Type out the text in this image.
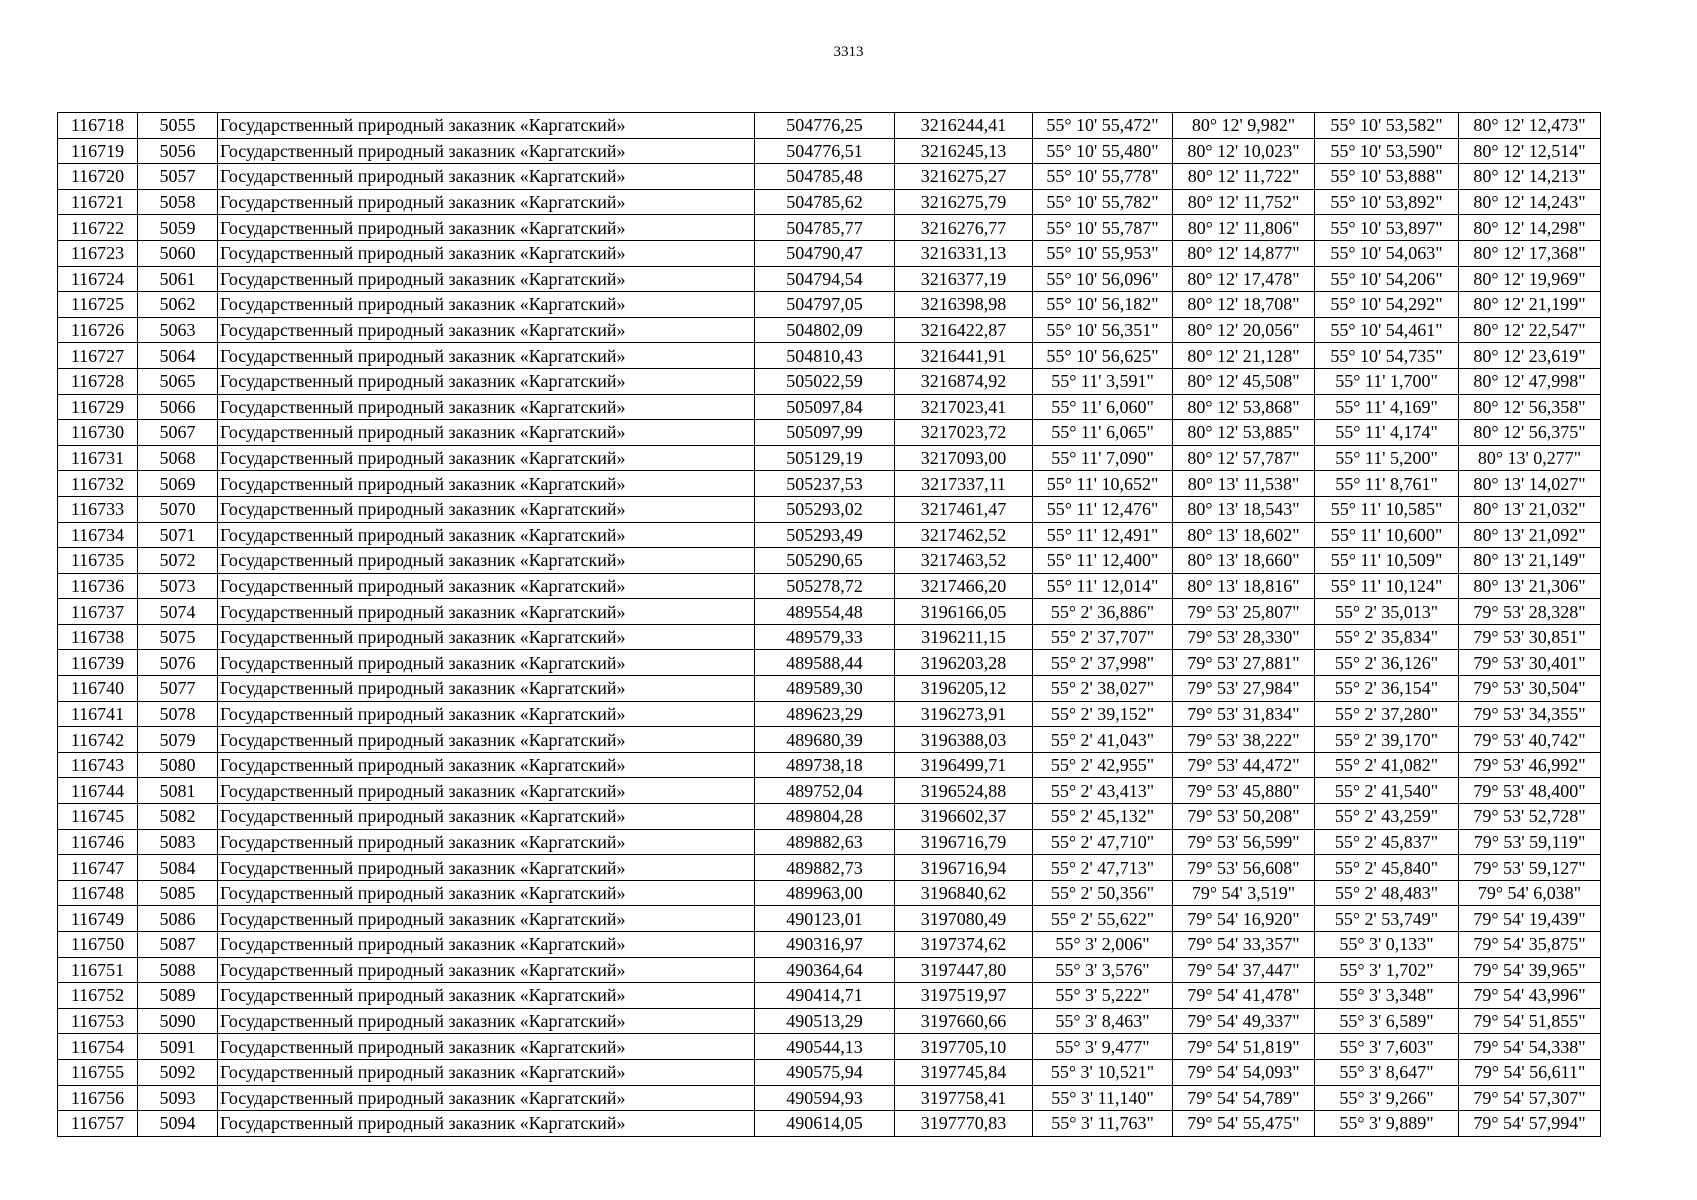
3313
116718	5055	Государственный природный заказник «Каргатский»	504776,25	3216244,41	55° 10' 55,472"	80° 12' 9,982"	55° 10' 53,582"	80° 12' 12,473"
116719	5056	Государственный природный заказник «Каргатский»	504776,51	3216245,13	55° 10' 55,480"	80° 12' 10,023"	55° 10' 53,590"	80° 12' 12,514"
116720	5057	Государственный природный заказник «Каргатский»	504785,48	3216275,27	55° 10' 55,778"	80° 12' 11,722"	55° 10' 53,888"	80° 12' 14,213"
116721	5058	Государственный природный заказник «Каргатский»	504785,62	3216275,79	55° 10' 55,782"	80° 12' 11,752"	55° 10' 53,892"	80° 12' 14,243"
116722	5059	Государственный природный заказник «Каргатский»	504785,77	3216276,77	55° 10' 55,787"	80° 12' 11,806"	55° 10' 53,897"	80° 12' 14,298"
116723	5060	Государственный природный заказник «Каргатский»	504790,47	3216331,13	55° 10' 55,953"	80° 12' 14,877"	55° 10' 54,063"	80° 12' 17,368"
116724	5061	Государственный природный заказник «Каргатский»	504794,54	3216377,19	55° 10' 56,096"	80° 12' 17,478"	55° 10' 54,206"	80° 12' 19,969"
116725	5062	Государственный природный заказник «Каргатский»	504797,05	3216398,98	55° 10' 56,182"	80° 12' 18,708"	55° 10' 54,292"	80° 12' 21,199"
116726	5063	Государственный природный заказник «Каргатский»	504802,09	3216422,87	55° 10' 56,351"	80° 12' 20,056"	55° 10' 54,461"	80° 12' 22,547"
116727	5064	Государственный природный заказник «Каргатский»	504810,43	3216441,91	55° 10' 56,625"	80° 12' 21,128"	55° 10' 54,735"	80° 12' 23,619"
116728	5065	Государственный природный заказник «Каргатский»	505022,59	3216874,92	55° 11' 3,591"	80° 12' 45,508"	55° 11' 1,700"	80° 12' 47,998"
116729	5066	Государственный природный заказник «Каргатский»	505097,84	3217023,41	55° 11' 6,060"	80° 12' 53,868"	55° 11' 4,169"	80° 12' 56,358"
116730	5067	Государственный природный заказник «Каргатский»	505097,99	3217023,72	55° 11' 6,065"	80° 12' 53,885"	55° 11' 4,174"	80° 12' 56,375"
116731	5068	Государственный природный заказник «Каргатский»	505129,19	3217093,00	55° 11' 7,090"	80° 12' 57,787"	55° 11' 5,200"	80° 13' 0,277"
116732	5069	Государственный природный заказник «Каргатский»	505237,53	3217337,11	55° 11' 10,652"	80° 13' 11,538"	55° 11' 8,761"	80° 13' 14,027"
116733	5070	Государственный природный заказник «Каргатский»	505293,02	3217461,47	55° 11' 12,476"	80° 13' 18,543"	55° 11' 10,585"	80° 13' 21,032"
116734	5071	Государственный природный заказник «Каргатский»	505293,49	3217462,52	55° 11' 12,491"	80° 13' 18,602"	55° 11' 10,600"	80° 13' 21,092"
116735	5072	Государственный природный заказник «Каргатский»	505290,65	3217463,52	55° 11' 12,400"	80° 13' 18,660"	55° 11' 10,509"	80° 13' 21,149"
116736	5073	Государственный природный заказник «Каргатский»	505278,72	3217466,20	55° 11' 12,014"	80° 13' 18,816"	55° 11' 10,124"	80° 13' 21,306"
116737	5074	Государственный природный заказник «Каргатский»	489554,48	3196166,05	55° 2' 36,886"	79° 53' 25,807"	55° 2' 35,013"	79° 53' 28,328"
116738	5075	Государственный природный заказник «Каргатский»	489579,33	3196211,15	55° 2' 37,707"	79° 53' 28,330"	55° 2' 35,834"	79° 53' 30,851"
116739	5076	Государственный природный заказник «Каргатский»	489588,44	3196203,28	55° 2' 37,998"	79° 53' 27,881"	55° 2' 36,126"	79° 53' 30,401"
116740	5077	Государственный природный заказник «Каргатский»	489589,30	3196205,12	55° 2' 38,027"	79° 53' 27,984"	55° 2' 36,154"	79° 53' 30,504"
116741	5078	Государственный природный заказник «Каргатский»	489623,29	3196273,91	55° 2' 39,152"	79° 53' 31,834"	55° 2' 37,280"	79° 53' 34,355"
116742	5079	Государственный природный заказник «Каргатский»	489680,39	3196388,03	55° 2' 41,043"	79° 53' 38,222"	55° 2' 39,170"	79° 53' 40,742"
116743	5080	Государственный природный заказник «Каргатский»	489738,18	3196499,71	55° 2' 42,955"	79° 53' 44,472"	55° 2' 41,082"	79° 53' 46,992"
116744	5081	Государственный природный заказник «Каргатский»	489752,04	3196524,88	55° 2' 43,413"	79° 53' 45,880"	55° 2' 41,540"	79° 53' 48,400"
116745	5082	Государственный природный заказник «Каргатский»	489804,28	3196602,37	55° 2' 45,132"	79° 53' 50,208"	55° 2' 43,259"	79° 53' 52,728"
116746	5083	Государственный природный заказник «Каргатский»	489882,63	3196716,79	55° 2' 47,710"	79° 53' 56,599"	55° 2' 45,837"	79° 53' 59,119"
116747	5084	Государственный природный заказник «Каргатский»	489882,73	3196716,94	55° 2' 47,713"	79° 53' 56,608"	55° 2' 45,840"	79° 53' 59,127"
116748	5085	Государственный природный заказник «Каргатский»	489963,00	3196840,62	55° 2' 50,356"	79° 54' 3,519"	55° 2' 48,483"	79° 54' 6,038"
116749	5086	Государственный природный заказник «Каргатский»	490123,01	3197080,49	55° 2' 55,622"	79° 54' 16,920"	55° 2' 53,749"	79° 54' 19,439"
116750	5087	Государственный природный заказник «Каргатский»	490316,97	3197374,62	55° 3' 2,006"	79° 54' 33,357"	55° 3' 0,133"	79° 54' 35,875"
116751	5088	Государственный природный заказник «Каргатский»	490364,64	3197447,80	55° 3' 3,576"	79° 54' 37,447"	55° 3' 1,702"	79° 54' 39,965"
116752	5089	Государственный природный заказник «Каргатский»	490414,71	3197519,97	55° 3' 5,222"	79° 54' 41,478"	55° 3' 3,348"	79° 54' 43,996"
116753	5090	Государственный природный заказник «Каргатский»	490513,29	3197660,66	55° 3' 8,463"	79° 54' 49,337"	55° 3' 6,589"	79° 54' 51,855"
116754	5091	Государственный природный заказник «Каргатский»	490544,13	3197705,10	55° 3' 9,477"	79° 54' 51,819"	55° 3' 7,603"	79° 54' 54,338"
116755	5092	Государственный природный заказник «Каргатский»	490575,94	3197745,84	55° 3' 10,521"	79° 54' 54,093"	55° 3' 8,647"	79° 54' 56,611"
116756	5093	Государственный природный заказник «Каргатский»	490594,93	3197758,41	55° 3' 11,140"	79° 54' 54,789"	55° 3' 9,266"	79° 54' 57,307"
116757	5094	Государственный природный заказник «Каргатский»	490614,05	3197770,83	55° 3' 11,763"	79° 54' 55,475"	55° 3' 9,889"	79° 54' 57,994"
